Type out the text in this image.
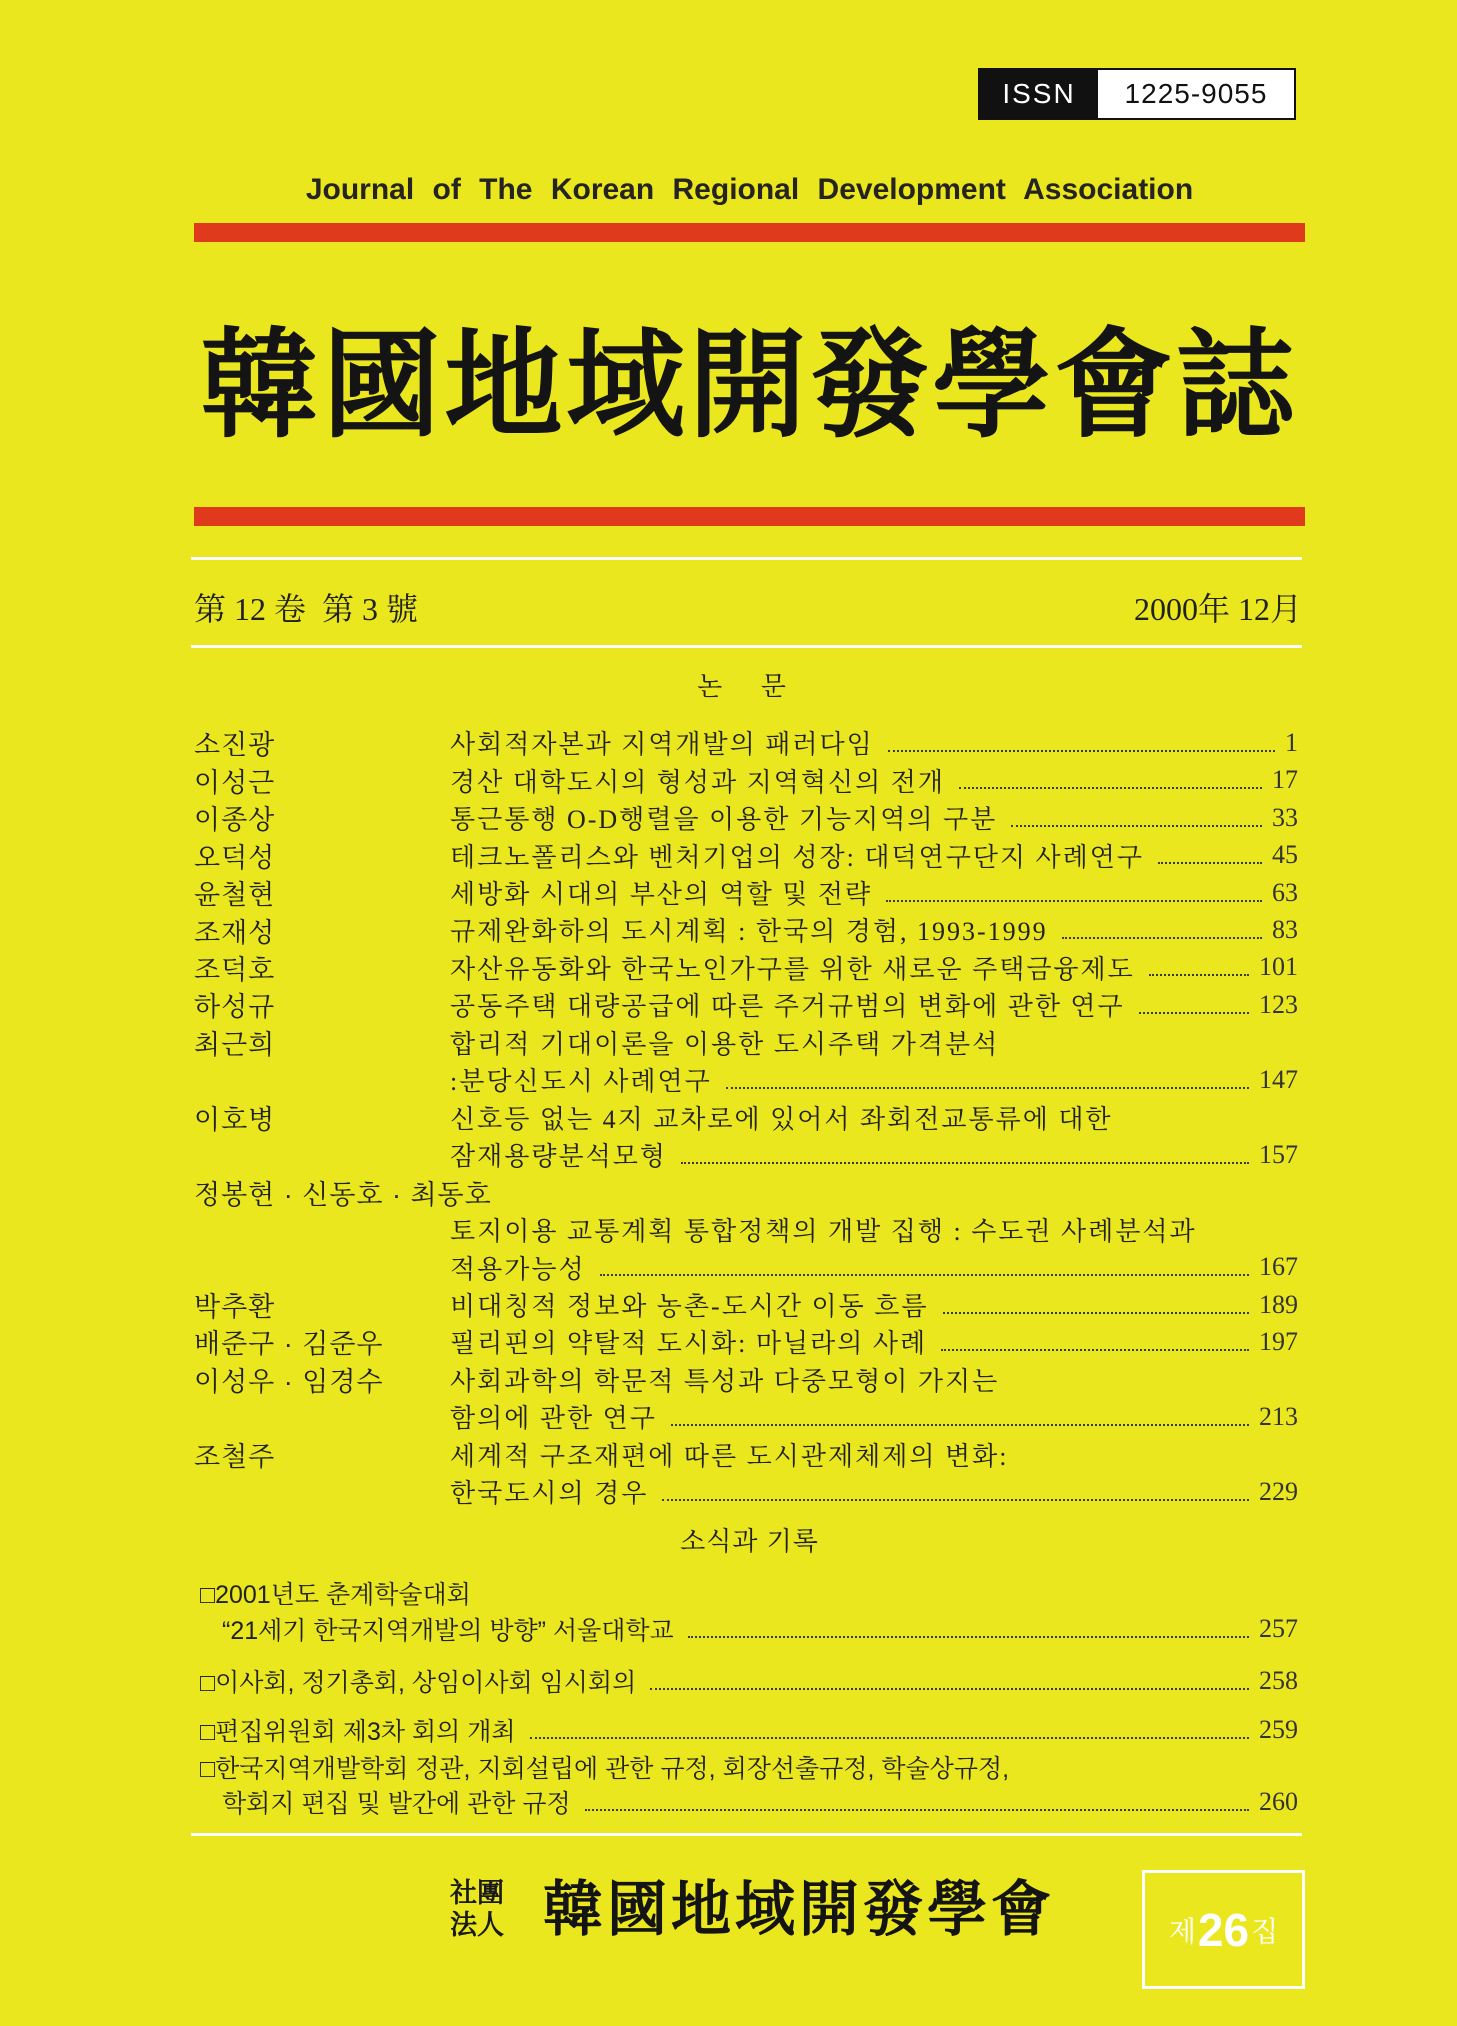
ISSN	1225-9055
Journal of The Korean Regional Development Association
韓國地域開發學會誌
第 12 卷  第 3 號	2000年 12月
논 문
소진광	사회적자본과 지역개발의 패러다임	1
이성근	경산 대학도시의 형성과 지역혁신의 전개	17
이종상	통근통행 O-D행렬을 이용한 기능지역의 구분	33
오덕성	테크노폴리스와 벤처기업의 성장: 대덕연구단지 사례연구	45
윤철현	세방화 시대의 부산의 역할 및 전략	63
조재성	규제완화하의 도시계획 : 한국의 경험, 1993-1999	83
조덕호	자산유동화와 한국노인가구를 위한 새로운 주택금융제도	101
하성규	공동주택 대량공급에 따른 주거규범의 변화에 관한 연구	123
최근희	합리적 기대이론을 이용한 도시주택 가격분석
:분당신도시 사례연구	147
이호병	신호등 없는 4지 교차로에 있어서 좌회전교통류에 대한
잠재용량분석모형	157
정봉현 · 신동호 · 최동호
토지이용 교통계획 통합정책의 개발 집행 : 수도권 사례분석과
적용가능성	167
박추환	비대칭적 정보와 농촌-도시간 이동 흐름	189
배준구 · 김준우	필리핀의 약탈적 도시화: 마닐라의 사례	197
이성우 · 임경수	사회과학의 학문적 특성과 다중모형이 가지는
함의에 관한 연구	213
조철주	세계적 구조재편에 따른 도시관제체제의 변화:
한국도시의 경우	229
소식과 기록
□2001년도 춘계학술대회
“21세기 한국지역개발의 방향” 서울대학교	257
□이사회, 정기총회, 상임이사회 임시회의	258
□편집위원회 제3차 회의 개최	259
□한국지역개발학회 정관, 지회설립에 관한 규정, 회장선출규정, 학술상규정,
학회지 편집 및 발간에 관한 규정	260
社團
法人 韓國地域開發學會	제 26 집
